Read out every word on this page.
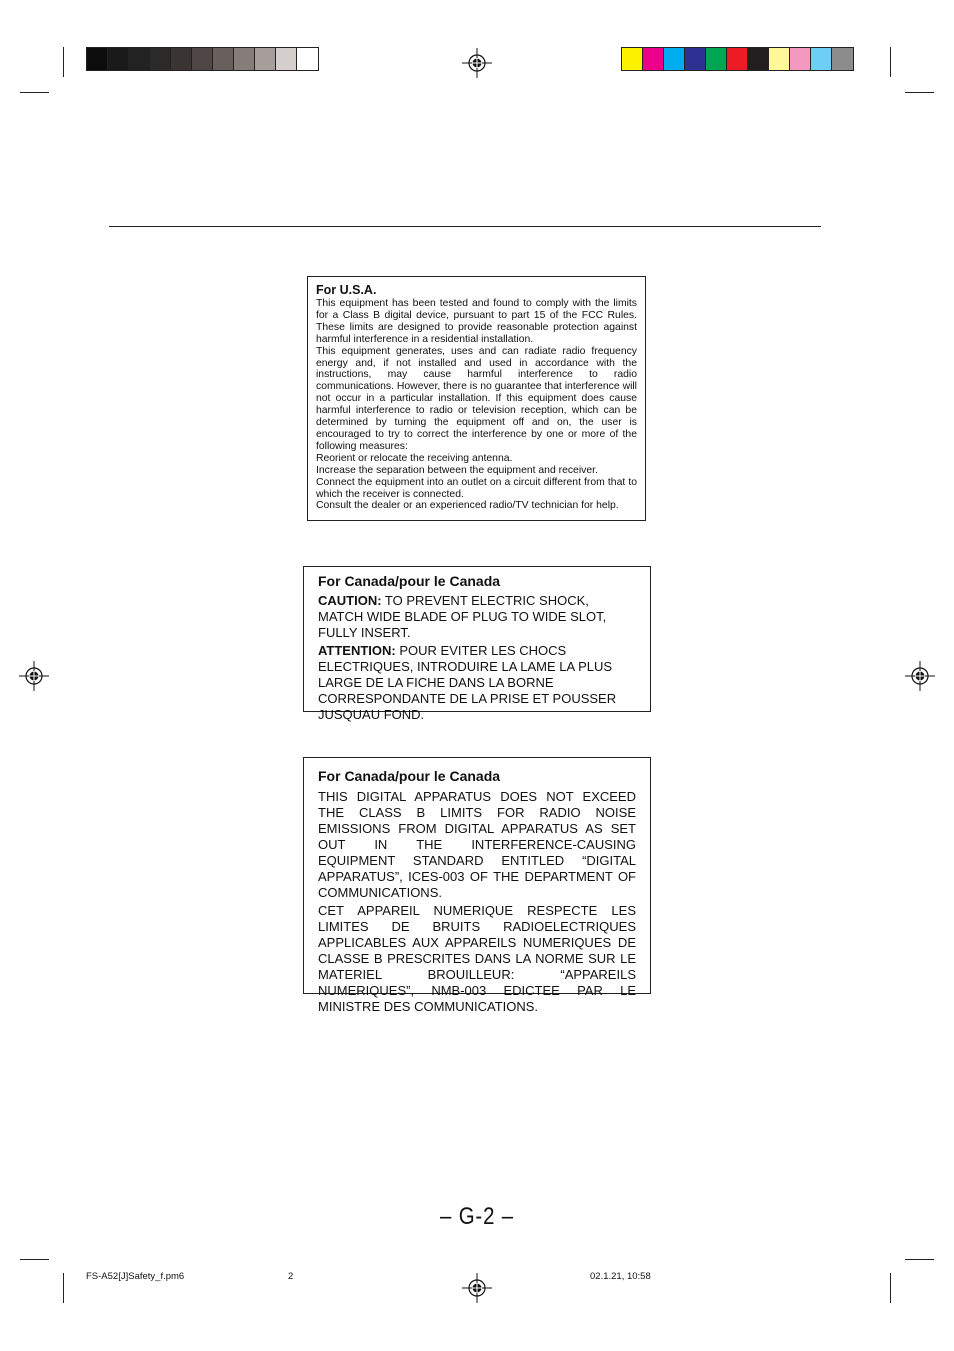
For U.S.A.

This equipment has been tested and found to comply with the limits for a Class B digital device, pursuant to part 15 of the FCC Rules. These limits are designed to provide reasonable protection against harmful interference in a residential installation.

This equipment generates, uses and can radiate radio frequency energy and, if not installed and used in accordance with the instructions, may cause harmful interference to radio communications. However, there is no guarantee that interference will not occur in a particular installation. If this equipment does cause harmful interference to radio or television reception, which can be determined by turning the equipment off and on, the user is encouraged to try to correct the interference by one or more of the following measures:

Reorient or relocate the receiving antenna.

Increase the separation between the equipment and receiver.

Connect the equipment into an outlet on a circuit different from that to which the receiver is connected.

Consult the dealer or an experienced radio/TV technician for help.

For Canada/pour le Canada

CAUTION: TO PREVENT ELECTRIC SHOCK, MATCH WIDE BLADE OF PLUG TO WIDE SLOT, FULLY INSERT.

ATTENTION: POUR EVITER LES CHOCS ELECTRIQUES, INTRODUIRE LA LAME LA PLUS LARGE DE LA FICHE DANS LA BORNE CORRESPONDANTE DE LA PRISE ET POUSSER JUSQUAU FOND.

For Canada/pour le Canada

THIS DIGITAL APPARATUS DOES NOT EXCEED THE CLASS B LIMITS FOR RADIO NOISE EMISSIONS FROM DIGITAL APPARATUS AS SET OUT IN THE INTERFERENCE-CAUSING EQUIPMENT STANDARD ENTITLED “DIGITAL APPARATUS”, ICES-003 OF THE DEPARTMENT OF COMMUNICATIONS.

CET APPAREIL NUMERIQUE RESPECTE LES LIMITES DE BRUITS RADIOELECTRIQUES APPLICABLES AUX APPAREILS NUMERIQUES DE CLASSE B PRESCRITES DANS LA NORME SUR LE MATERIEL BROUILLEUR: “APPAREILS NUMERIQUES”, NMB-003 EDICTEE PAR LE MINISTRE DES COMMUNICATIONS.

– G-2 –
FS-A52[J]Safety_f.pm6	2	02.1.21, 10:58
